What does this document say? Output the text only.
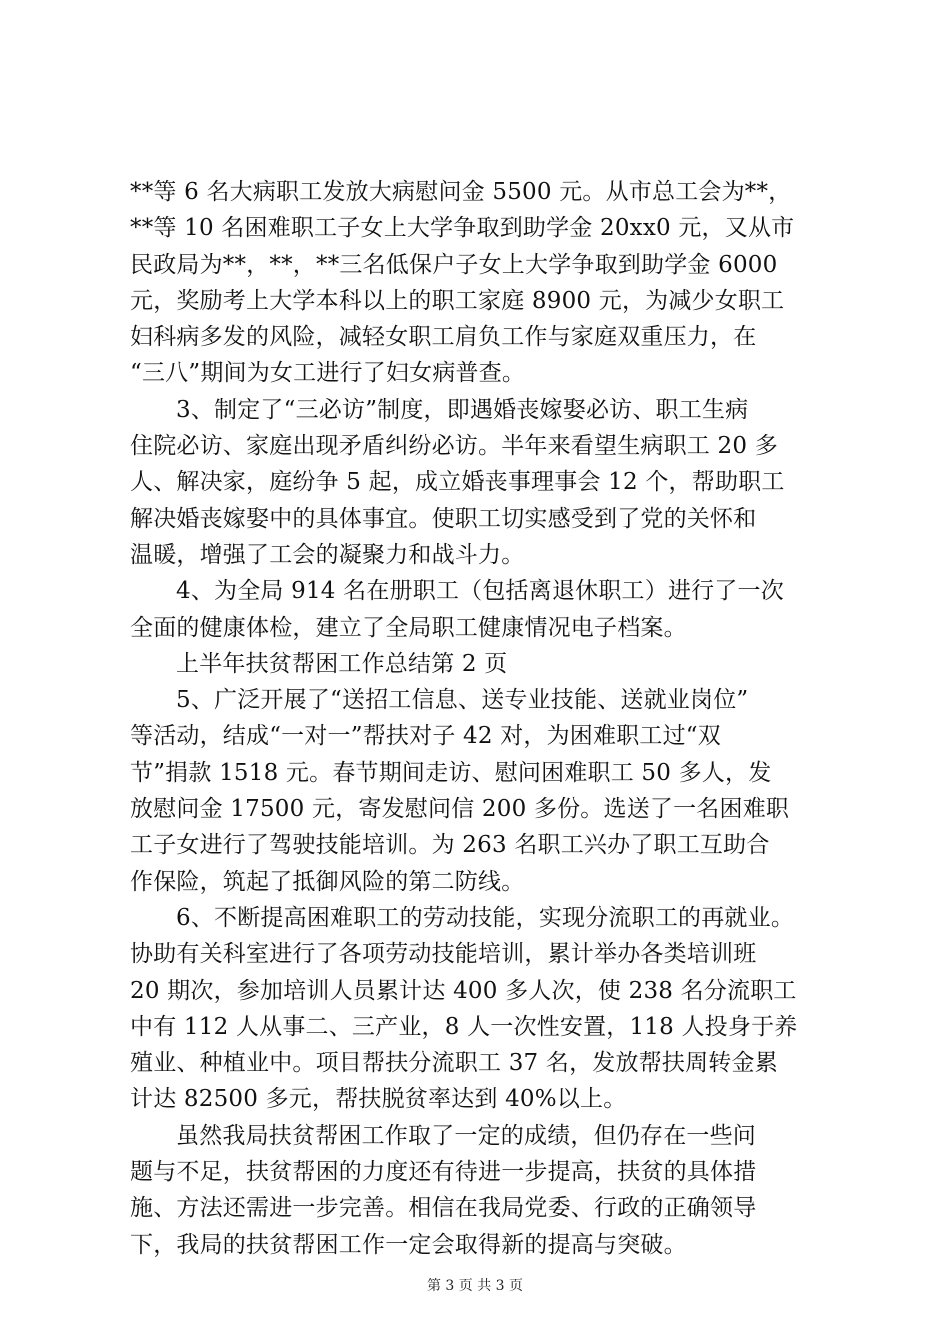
**等 6 名大病职工发放大病慰问金 5500 元。从市总工会为**，
**等 10 名困难职工子女上大学争取到助学金 20xx0 元，又从市
民政局为**，**，**三名低保户子女上大学争取到助学金 6000
元，奖励考上大学本科以上的职工家庭 8900 元，为减少女职工
妇科病多发的风险，减轻女职工肩负工作与家庭双重压力，在
“三八”期间为女工进行了妇女病普查。
3、制定了“三必访”制度，即遇婚丧嫁娶必访、职工生病
住院必访、家庭出现矛盾纠纷必访。半年来看望生病职工 20 多
人、解决家，庭纷争 5 起，成立婚丧事理事会 12 个，帮助职工
解决婚丧嫁娶中的具体事宜。使职工切实感受到了党的关怀和
温暖，增强了工会的凝聚力和战斗力。
4、为全局 914 名在册职工（包括离退休职工）进行了一次
全面的健康体检，建立了全局职工健康情况电子档案。
上半年扶贫帮困工作总结第 2 页
5、广泛开展了“送招工信息、送专业技能、送就业岗位”
等活动，结成“一对一”帮扶对子 42 对，为困难职工过“双
节”捐款 1518 元。春节期间走访、慰问困难职工 50 多人，发
放慰问金 17500 元，寄发慰问信 200 多份。选送了一名困难职
工子女进行了驾驶技能培训。为 263 名职工兴办了职工互助合
作保险，筑起了抵御风险的第二防线。
6、不断提高困难职工的劳动技能，实现分流职工的再就业。
协助有关科室进行了各项劳动技能培训，累计举办各类培训班
20 期次，参加培训人员累计达 400 多人次，使 238 名分流职工
中有 112 人从事二、三产业，8 人一次性安置，118 人投身于养
殖业、种植业中。项目帮扶分流职工 37 名，发放帮扶周转金累
计达 82500 多元，帮扶脱贫率达到 40%以上。
虽然我局扶贫帮困工作取了一定的成绩，但仍存在一些问
题与不足，扶贫帮困的力度还有待进一步提高，扶贫的具体措
施、方法还需进一步完善。相信在我局党委、行政的正确领导
下，我局的扶贫帮困工作一定会取得新的提高与突破。
第 3 页 共 3 页
